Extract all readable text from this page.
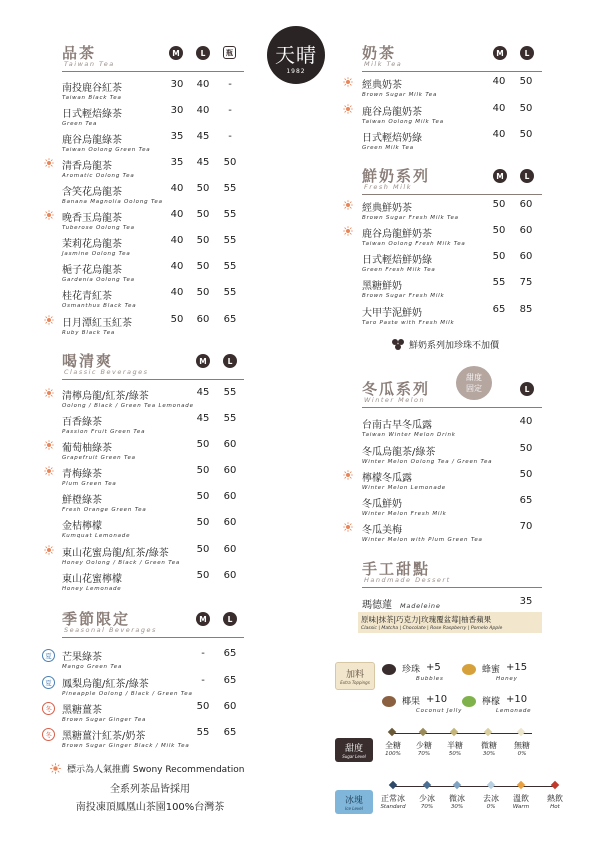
天晴
1982
品茶
Taiwan Tea
M	L	瓶
南投鹿谷紅茶
Taiwan Black Tea
30	40	-
日式輕焙綠茶
Green Tea
30	40	-
鹿谷烏龍綠茶
Taiwan Oolong Green Tea
35	45	-
清香烏龍茶
Aromatic Oolong Tea
35	45	50
含笑花烏龍茶
Banana Magnolia Oolong Tea
40	50	55
晚香玉烏龍茶
Tuberose Oolong Tea
40	50	55
茉莉花烏龍茶
Jasmine Oolong Tea
40	50	55
梔子花烏龍茶
Gardenia Oolong Tea
40	50	55
桂花青紅茶
Osmanthus Black Tea
40	50	55
日月潭紅玉紅茶
Ruby Black Tea
50	60	65
喝清爽
Classic Beverages
M	L
清檸烏龍/紅茶/綠茶
Oolong / Black / Green Tea Lemonade
45	55
百香綠茶
Passion Fruit Green Tea
45	55
葡萄柚綠茶
Grapefruit Green Tea
50	60
青梅綠茶
Plum Green Tea
50	60
鮮橙綠茶
Fresh Orange Green Tea
50	60
金桔檸檬
Kumquat Lemonade
50	60
東山花蜜烏龍/紅茶/綠茶
Honey Oolong / Black / Green Tea
50	60
東山花蜜檸檬
Honey Lemonade
50	60
季節限定
Seasonal Beverages
M	L
夏	芒果綠茶
Mango Green Tea
-	65
夏	鳳梨烏龍/紅茶/綠茶
Pineapple Oolong / Black / Green Tea
-	65
冬	黑糖薑茶
Brown Sugar Ginger Tea
50	60
冬	黑糖薑汁紅茶/奶茶
Brown Sugar Ginger Black / Milk Tea
55	65
奶茶
Milk Tea
M	L
經典奶茶
Brown Sugar Milk Tea
40	50
鹿谷烏龍奶茶
Taiwan Oolong Milk Tea
40	50
日式輕焙奶綠
Green Milk Tea
40	50
鮮奶系列
Fresh Milk
M	L
經典鮮奶茶
Brown Sugar Fresh Milk Tea
50	60
鹿谷烏龍鮮奶茶
Taiwan Oolong Fresh Milk Tea
50	60
日式輕焙鮮奶綠
Green Fresh Milk Tea
50	60
黑糖鮮奶
Brown Sugar Fresh Milk
55	75
大甲芋泥鮮奶
Taro Paste with Fresh Milk
65	85
鮮奶系列加珍珠不加價
冬瓜系列
Winter Melon
L
甜度
固定
台南古早冬瓜露
Taiwan Winter Melon Drink
40
冬瓜烏龍茶/綠茶
Winter Melon Oolong Tea / Green Tea
50
檸檬冬瓜露
Winter Melon Lemonade
50
冬瓜鮮奶
Winter Melon Fresh Milk
65
冬瓜美梅
Winter Melon with Plum Green Tea
70
手工甜點
Handmade Dessert
瑪德蓮 Madeleine	35
原味|抹茶|巧克力|玫瑰覆盆莓|柚香蘋果
Classic | Matcha | Chocolate | Rose Raspberry | Pomelo Apple
加料
Extra Toppings
珍珠 +5
Bubbles
蜂蜜 +15
Honey
椰果 +10
Coconut Jelly
檸檬 +10
Lemonade
甜度
Sugar Level
全糖
100%
少糖
70%
半糖
50%
微糖
30%
無糖
0%
冰塊
Ice Level
正常冰
Standard
少冰
70%
微冰
30%
去冰
0%
溫飲
Warm
熱飲
Hot
標示為人氣推薦 Swony Recommendation
全系列茶品皆採用
南投凍頂鳳凰山茶園100%台灣茶
